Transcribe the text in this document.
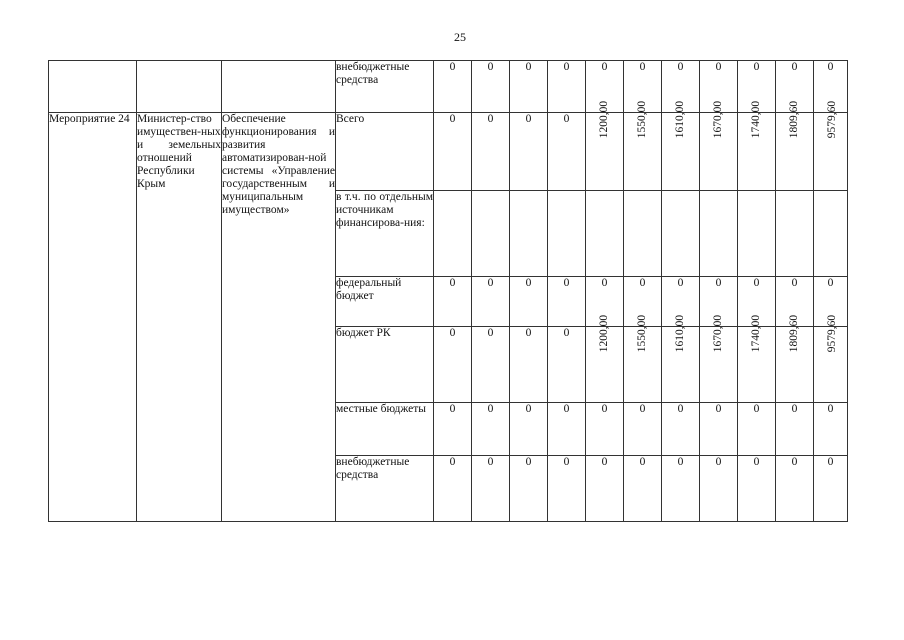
25
			внебюджетные средства	0	0	0	0	0	0	0	0	0	0	0
Мероприятие 24	Министер-ство имуществен-ных и земельных отношений Республики Крым	Обеспечение функционирования и развития автоматизирован-ной системы «Управление государственным и муниципальным имуществом»	Всего	0	0	0	0	1200,00	1550,00	1610,00	1670,00	1740,00	1809,60	9579,60
			в т.ч. по отдельным источникам финансирова-ния:											
			федеральный бюджет	0	0	0	0	0	0	0	0	0	0	0
			бюджет РК	0	0	0	0	1200,00	1550,00	1610,00	1670,00	1740,00	1809,60	9579,60
			местные бюджеты	0	0	0	0	0	0	0	0	0	0	0
			внебюджетные средства	0	0	0	0	0	0	0	0	0	0	0
